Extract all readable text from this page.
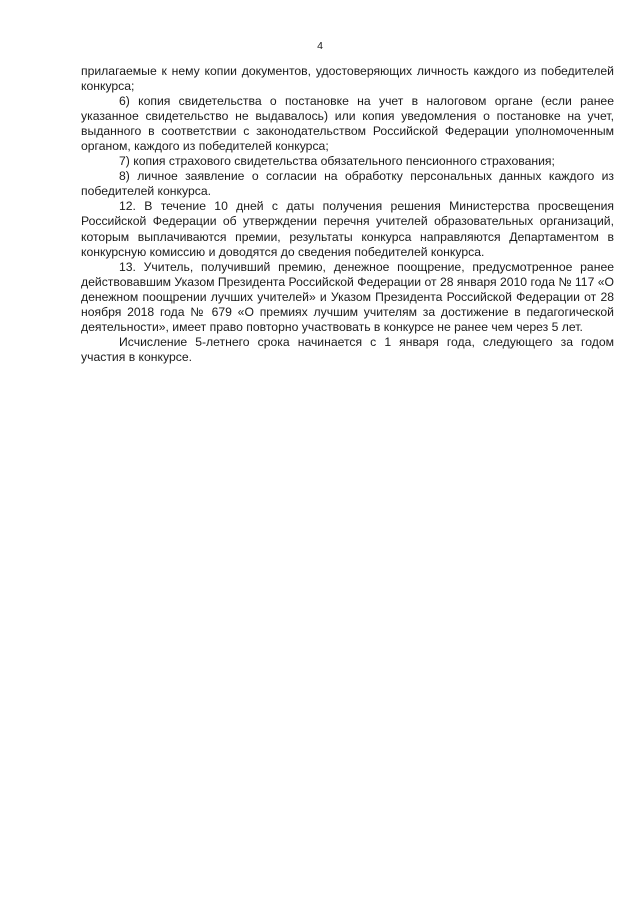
4

прилагаемые к нему копии документов, удостоверяющих личность каждого из победителей конкурса;

6) копия свидетельства о постановке на учет в налоговом органе (если ранее указанное свидетельство не выдавалось) или копия уведомления о постановке на учет, выданного в соответствии с законодательством Российской Федерации уполномоченным органом, каждого из победителей конкурса;

7) копия страхового свидетельства обязательного пенсионного страхования;

8) личное заявление о согласии на обработку персональных данных каждого из победителей конкурса.

12. В течение 10 дней с даты получения решения Министерства просвещения Российской Федерации об утверждении перечня учителей образовательных организаций, которым выплачиваются премии, результаты конкурса направляются Департаментом в конкурсную комиссию и доводятся до сведения победителей конкурса.

13. Учитель, получивший премию, денежное поощрение, предусмотренное ранее действовавшим Указом Президента Российской Федерации от 28 января 2010 года № 117 «О денежном поощрении лучших учителей» и Указом Президента Российской Федерации от 28 ноября 2018 года № 679 «О премиях лучшим учителям за достижение в педагогической деятельности», имеет право повторно участвовать в конкурсе не ранее чем через 5 лет.

Исчисление 5-летнего срока начинается с 1 января года, следующего за годом участия в конкурсе.
